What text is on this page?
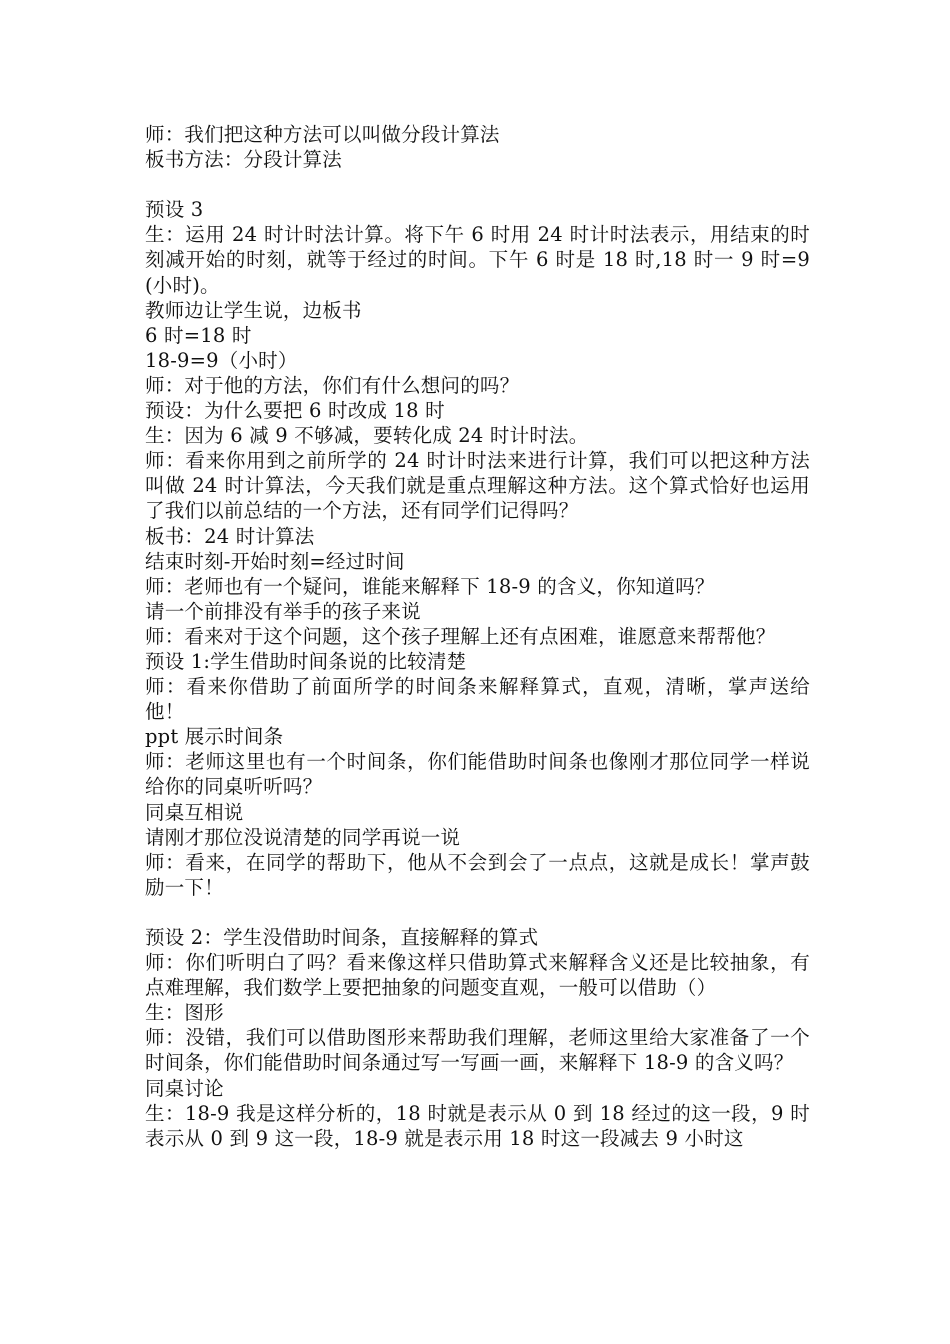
师：我们把这种方法可以叫做分段计算法

板书方法：分段计算法

预设 3

生：运用 24 时计时法计算。将下午 6 时用 24 时计时法表示，用结束的时刻减开始的时刻，就等于经过的时间。下午 6 时是 18 时,18 时一 9 时=9(小时)。

教师边让学生说，边板书

6 时=18 时

18-9=9（小时）

师：对于他的方法，你们有什么想问的吗？

预设：为什么要把 6 时改成 18 时

生：因为 6 减 9 不够减，要转化成 24 时计时法。

师：看来你用到之前所学的 24 时计时法来进行计算，我们可以把这种方法叫做 24 时计算法，今天我们就是重点理解这种方法。这个算式恰好也运用了我们以前总结的一个方法，还有同学们记得吗？

板书：24 时计算法

结束时刻-开始时刻=经过时间

师：老师也有一个疑问，谁能来解释下 18-9 的含义，你知道吗？

请一个前排没有举手的孩子来说

师：看来对于这个问题，这个孩子理解上还有点困难，谁愿意来帮帮他？

预设 1:学生借助时间条说的比较清楚

师：看来你借助了前面所学的时间条来解释算式，直观，清晰，掌声送给他！

ppt 展示时间条

师：老师这里也有一个时间条，你们能借助时间条也像刚才那位同学一样说给你的同桌听听吗？

同桌互相说

请刚才那位没说清楚的同学再说一说

师：看来，在同学的帮助下，他从不会到会了一点点，这就是成长！掌声鼓励一下！

预设 2：学生没借助时间条，直接解释的算式

师：你们听明白了吗？看来像这样只借助算式来解释含义还是比较抽象，有点难理解，我们数学上要把抽象的问题变直观，一般可以借助（）

生：图形

师：没错，我们可以借助图形来帮助我们理解，老师这里给大家准备了一个时间条，你们能借助时间条通过写一写画一画，来解释下 18-9 的含义吗？

同桌讨论

生：18-9 我是这样分析的，18 时就是表示从 0 到 18 经过的这一段，9 时表示从 0 到 9 这一段，18-9 就是表示用 18 时这一段减去 9 小时这
